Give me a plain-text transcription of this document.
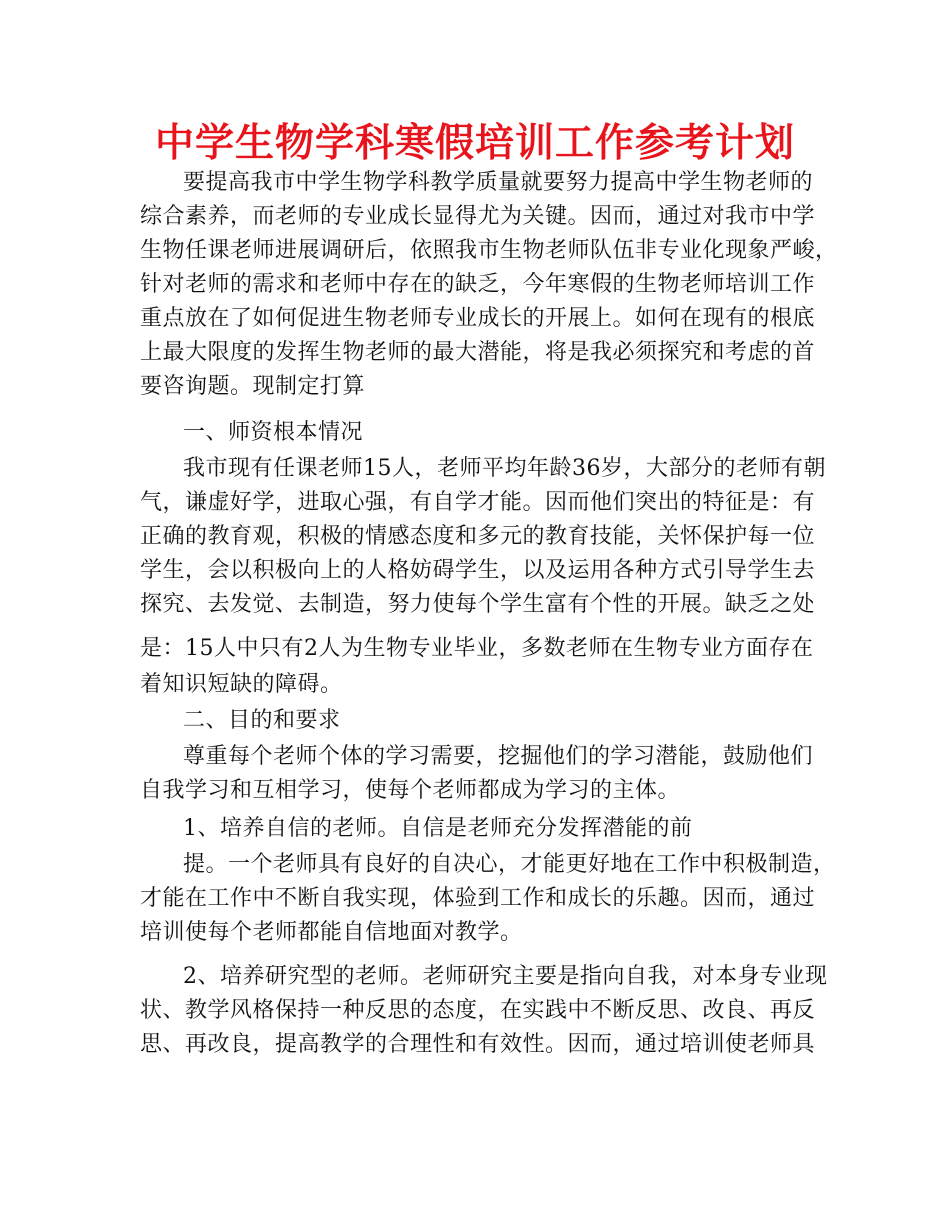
中学生物学科寒假培训工作参考计划
要提高我市中学生物学科教学质量就要努力提高中学生物老师的
综合素养，而老师的专业成长显得尤为关键。因而，通过对我市中学
生物任课老师进展调研后，依照我市生物老师队伍非专业化现象严峻，
针对老师的需求和老师中存在的缺乏，今年寒假的生物老师培训工作
重点放在了如何促进生物老师专业成长的开展上。如何在现有的根底
上最大限度的发挥生物老师的最大潜能，将是我必须探究和考虑的首
要咨询题。现制定打算
一、师资根本情况
我市现有任课老师15人，老师平均年龄36岁，大部分的老师有朝
气，谦虚好学，进取心强，有自学才能。因而他们突出的特征是：有
正确的教育观，积极的情感态度和多元的教育技能，关怀保护每一位
学生，会以积极向上的人格妨碍学生，以及运用各种方式引导学生去
探究、去发觉、去制造，努力使每个学生富有个性的开展。缺乏之处
是：15人中只有2人为生物专业毕业，多数老师在生物专业方面存在
着知识短缺的障碍。
二、目的和要求
尊重每个老师个体的学习需要，挖掘他们的学习潜能，鼓励他们
自我学习和互相学习，使每个老师都成为学习的主体。
1、培养自信的老师。自信是老师充分发挥潜能的前
提。一个老师具有良好的自决心，才能更好地在工作中积极制造，
才能在工作中不断自我实现，体验到工作和成长的乐趣。因而，通过
培训使每个老师都能自信地面对教学。
2、培养研究型的老师。老师研究主要是指向自我，对本身专业现
状、教学风格保持一种反思的态度，在实践中不断反思、改良、再反
思、再改良，提高教学的合理性和有效性。因而，通过培训使老师具
